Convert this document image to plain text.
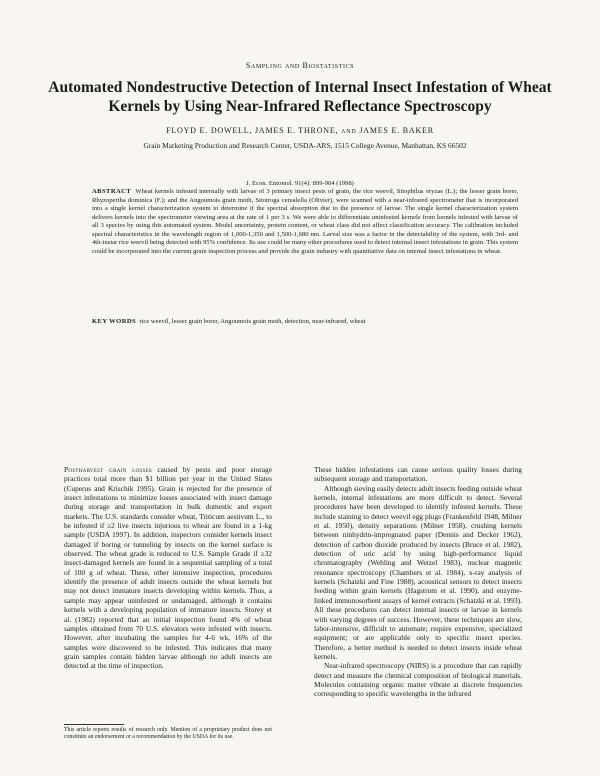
Sampling and Biostatistics
Automated Nondestructive Detection of Internal Insect Infestation of Wheat Kernels by Using Near-Infrared Reflectance Spectroscopy
FLOYD E. DOWELL, JAMES E. THRONE, and JAMES E. BAKER
Grain Marketing Production and Research Center, USDA-ARS, 1515 College Avenue, Manhattan, KS 66502
J. Econ. Entomol. 91(4): 899-904 (1998)
ABSTRACT Wheat kernels infested internally with larvae of 3 primary insect pests of grain, the rice weevil, Sitophilus oryzae (L.); the lesser grain borer, Rhyzopertha dominica (F.); and the Angoumois grain moth, Sitotroga cerealella (Olivier), were scanned with a near-infrared spectrometer that is incorporated into a single kernel characterization system to determine if the spectral absorption due to the presence of larvae. The single kernel characterization system delivers kernels into the spectrometer viewing area at the rate of 1 per 3 s. We were able to differentiate uninfested kernels from kernels infested with larvae of all 3 species by using this automated system. Model uncertainty, protein content, or wheat class did not affect classification accuracy. The calibration included spectral characteristics in the wavelength region of 1,000-1,350 and 1,500-1,680 nm. Larval size was a factor in the detectability of the system, with 3rd- and 4th-instar rice weevil being detected with 95% confidence. Its use could be many other procedures used to detect internal insect infestations in grain. This system could be incorporated into the current grain inspection process and provide the grain industry with quantitative data on internal insect infestations in wheat.
KEY WORDS rice weevil, lesser grain borer, Angoumois grain moth, detection, near-infrared, wheat

Postharvest grain losses caused by pests and poor storage practices total more than $1 billion per year in the United States (Cuperus and Krischik 1995). Grain is rejected for the presence of insect infestations to minimize losses associated with insect damage during storage and transportation in bulk domestic and export markets. The U.S. standards consider wheat, Triticum aestivum L., to be infested if ≥2 live insects injurious to wheat are found in a 1-kg sample (USDA 1997). In addition, inspectors consider kernels insect damaged if boring or tunneling by insects on the kernel surface is observed. The wheat grade is reduced to U.S. Sample Grade if ≥32 insect-damaged kernels are found in a sequential sampling of a total of 100 g of wheat. These, other intensive inspection, procedures identify the presence of adult insects outside the wheat kernels but may not detect immature insects developing within kernels. Thus, a sample may appear uninfested or undamaged, although it contains kernels with a developing population of immature insects. Storey et al. (1982) reported that an initial inspection found 4% of wheat samples obtained from 70 U.S. elevators were infested with insects. However, after incubating the samples for 4-6 wk, 16% of the samples were discovered to be infested. This indicates that many grain samples contain hidden larvae although no adult insects are detected at the time of inspection.

These hidden infestations can cause serious quality losses during subsequent storage and transportation.

Although sieving easily detects adult insects feeding outside wheat kernels, internal infestations are more difficult to detect. Several procedures have been developed to identify infested kernels. These include staining to detect weevil egg plugs (Frankenfeld 1948, Milner et al. 1950), density separations (Milner 1958), crushing kernels between ninhydrin-impregnated paper (Dennis and Decker 1962), detection of carbon dioxide produced by insects (Bruce et al. 1982), detection of uric acid by using high-performance liquid chromatography (Wehling and Wetzel 1983), nuclear magnetic resonance spectroscopy (Chambers et al. 1984), x-ray analysis of kernels (Schatzki and Fine 1988), acoustical sensors to detect insects feeding within grain kernels (Hagstrum et al. 1990), and enzyme-linked immunosorbent assays of kernel extracts (Schatzki et al. 1993). All these procedures can detect internal insects or larvae in kernels with varying degrees of success. However, these techniques are slow, labor-intensive, difficult to automate; require expensive, specialized equipment; or are applicable only to specific insect species. Therefore, a better method is needed to detect insects inside wheat kernels.

Near-infrared spectroscopy (NIRS) is a procedure that can rapidly detect and measure the chemical composition of biological materials. Molecules containing organic matter vibrate at discrete frequencies corresponding to specific wavelengths in the infrared

This article reports results of research only. Mention of a proprietary product does not constitute an endorsement or a recommendation by the USDA for its use.
